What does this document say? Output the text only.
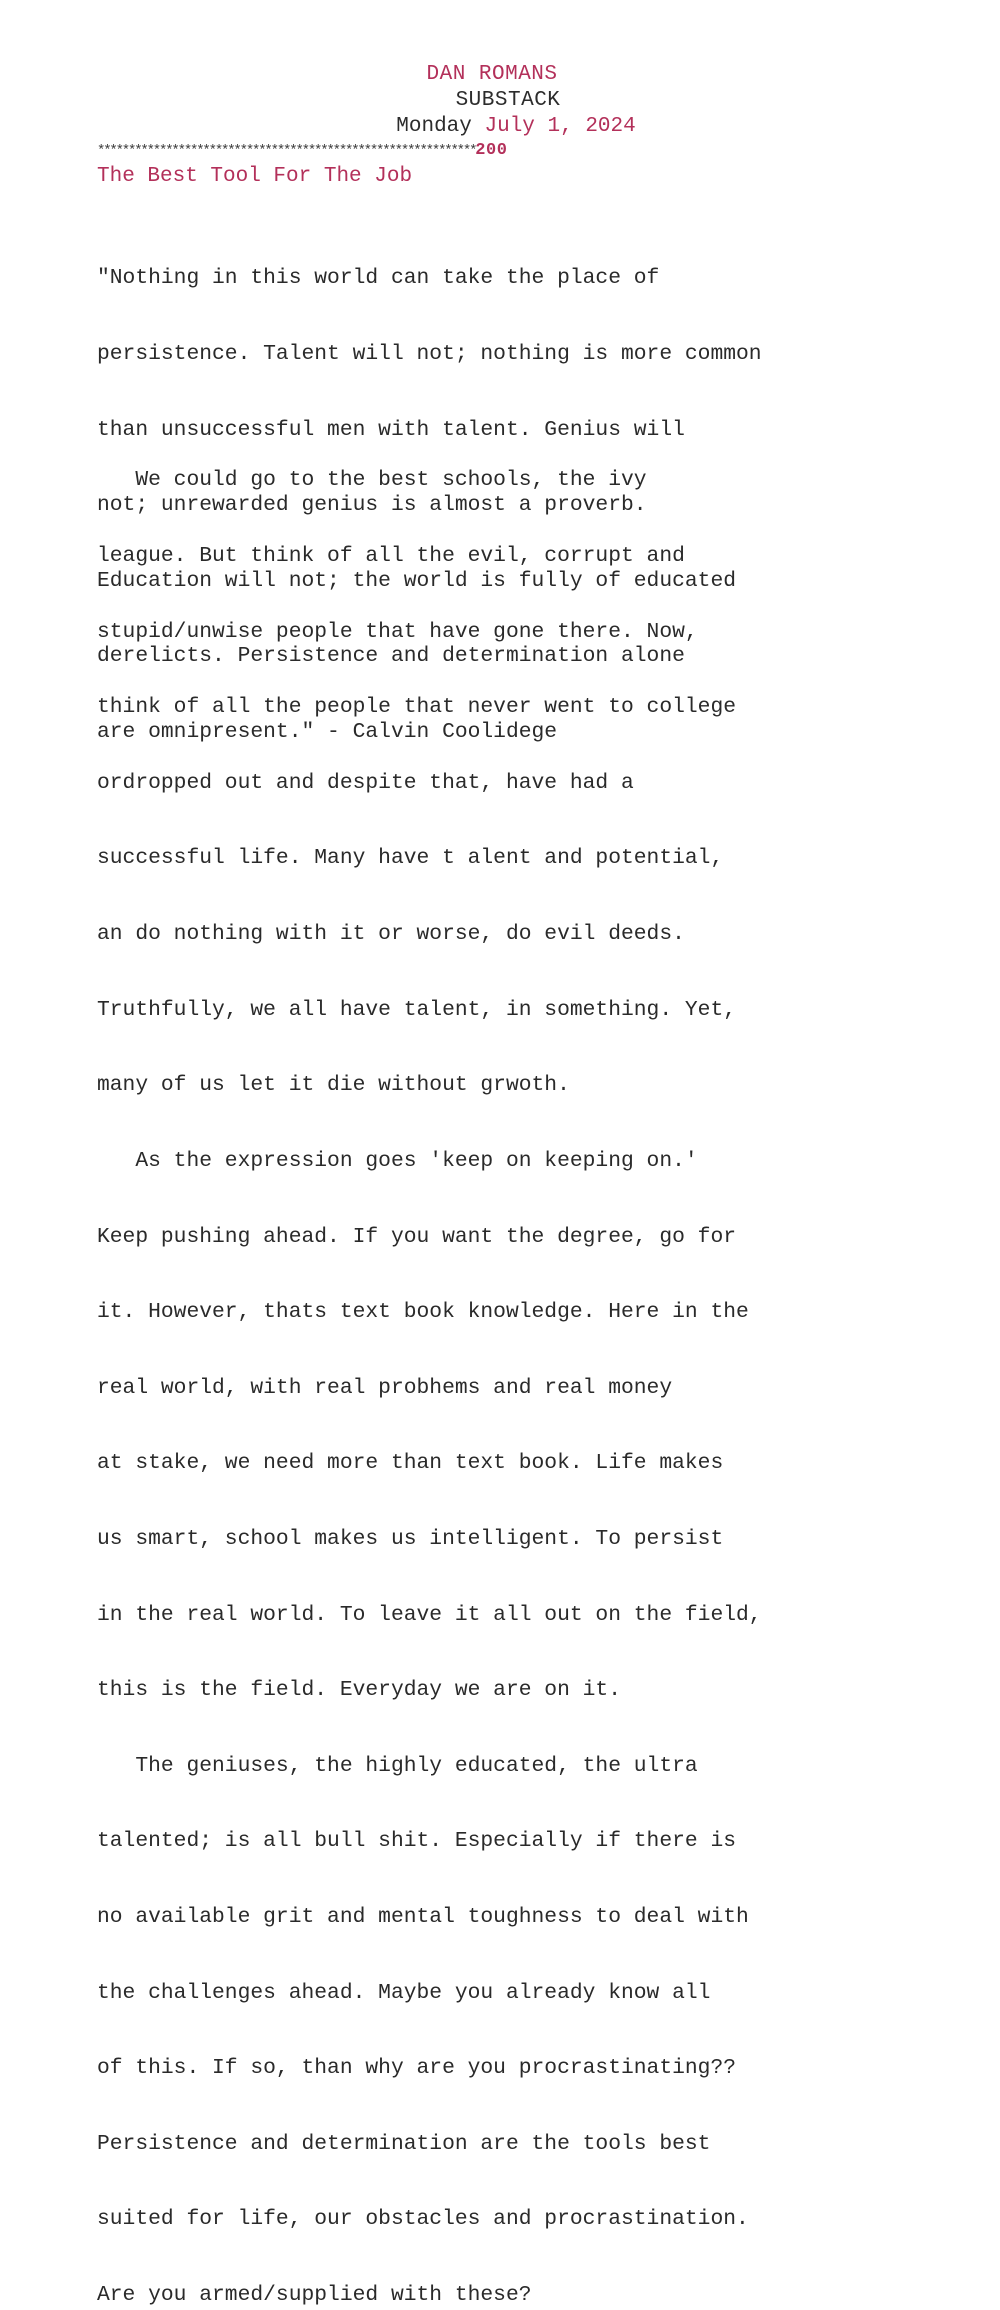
DAN ROMANS
SUBSTACK
Monday July 1, 2024
*************************************************************200
The Best Tool For The Job

"Nothing in this world can take the place of

persistence. Talent will not; nothing is more common

than unsuccessful men with talent. Genius will

not; unrewarded genius is almost a proverb.

Education will not; the world is fully of educated

derelicts. Persistence and determination alone

are omnipresent." - Calvin Coolidege

We could go to the best schools, the ivy

league. But think of all the evil, corrupt and

stupid/unwise people that have gone there. Now,

think of all the people that never went to college

ordropped out and despite that, have had a

successful life. Many have t alent and potential,

an do nothing with it or worse, do evil deeds.

Truthfully, we all have talent, in something. Yet,

many of us let it die without grwoth.

As the expression goes 'keep on keeping on.'

Keep pushing ahead. If you want the degree, go for

it. However, thats text book knowledge. Here in the

real world, with real probhems and real money

at stake, we need more than text book. Life makes

us smart, school makes us intelligent. To persist

in the real world. To leave it all out on the field,

this is the field. Everyday we are on it.

The geniuses, the highly educated, the ultra

talented; is all bull shit. Especially if there is

no available grit and mental toughness to deal with

the challenges ahead. Maybe you already know all

of this. If so, than why are you procrastinating??

Persistence and determination are the tools best

suited for life, our obstacles and procrastination.

Are you armed/supplied with these?
